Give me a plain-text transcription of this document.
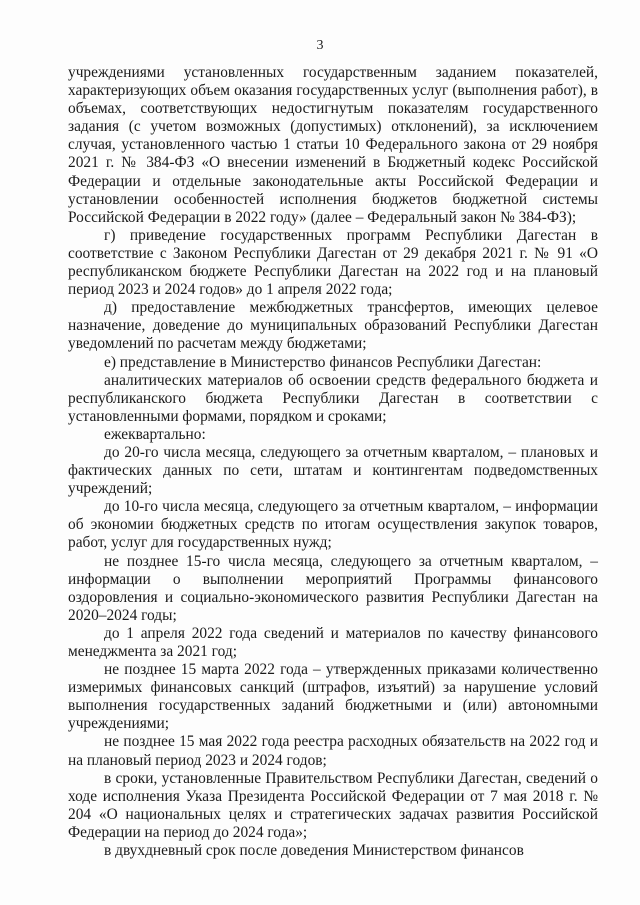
3

учреждениями установленных государственным заданием показателей, характеризующих объем оказания государственных услуг (выполнения работ), в объемах, соответствующих недостигнутым показателям государственного задания (с учетом возможных (допустимых) отклонений), за исключением случая, установленного частью 1 статьи 10 Федерального закона от 29 ноября 2021 г. № 384-ФЗ «О внесении изменений в Бюджетный кодекс Российской Федерации и отдельные законодательные акты Российской Федерации и установлении особенностей исполнения бюджетов бюджетной системы Российской Федерации в 2022 году» (далее – Федеральный закон № 384-ФЗ);

г) приведение государственных программ Республики Дагестан в соответствие с Законом Республики Дагестан от 29 декабря 2021 г. № 91 «О республиканском бюджете Республики Дагестан на 2022 год и на плановый период 2023 и 2024 годов» до 1 апреля 2022 года;

д) предоставление межбюджетных трансфертов, имеющих целевое назначение, доведение до муниципальных образований Республики Дагестан уведомлений по расчетам между бюджетами;

е) представление в Министерство финансов Республики Дагестан:

аналитических материалов об освоении средств федерального бюджета и республиканского бюджета Республики Дагестан в соответствии с установленными формами, порядком и сроками;

ежеквартально:

до 20-го числа месяца, следующего за отчетным кварталом, – плановых и фактических данных по сети, штатам и контингентам подведомственных учреждений;

до 10-го числа месяца, следующего за отчетным кварталом, – информации об экономии бюджетных средств по итогам осуществления закупок товаров, работ, услуг для государственных нужд;

не позднее 15-го числа месяца, следующего за отчетным кварталом, – информации о выполнении мероприятий Программы финансового оздоровления и социально-экономического развития Республики Дагестан на 2020–2024 годы;

до 1 апреля 2022 года сведений и материалов по качеству финансового менеджмента за 2021 год;

не позднее 15 марта 2022 года – утвержденных приказами количественно измеримых финансовых санкций (штрафов, изъятий) за нарушение условий выполнения государственных заданий бюджетными и (или) автономными учреждениями;

не позднее 15 мая 2022 года реестра расходных обязательств на 2022 год и на плановый период 2023 и 2024 годов;

в сроки, установленные Правительством Республики Дагестан, сведений о ходе исполнения Указа Президента Российской Федерации от 7 мая 2018 г. № 204 «О национальных целях и стратегических задачах развития Российской Федерации на период до 2024 года»;

в двухдневный срок после доведения Министерством финансов
